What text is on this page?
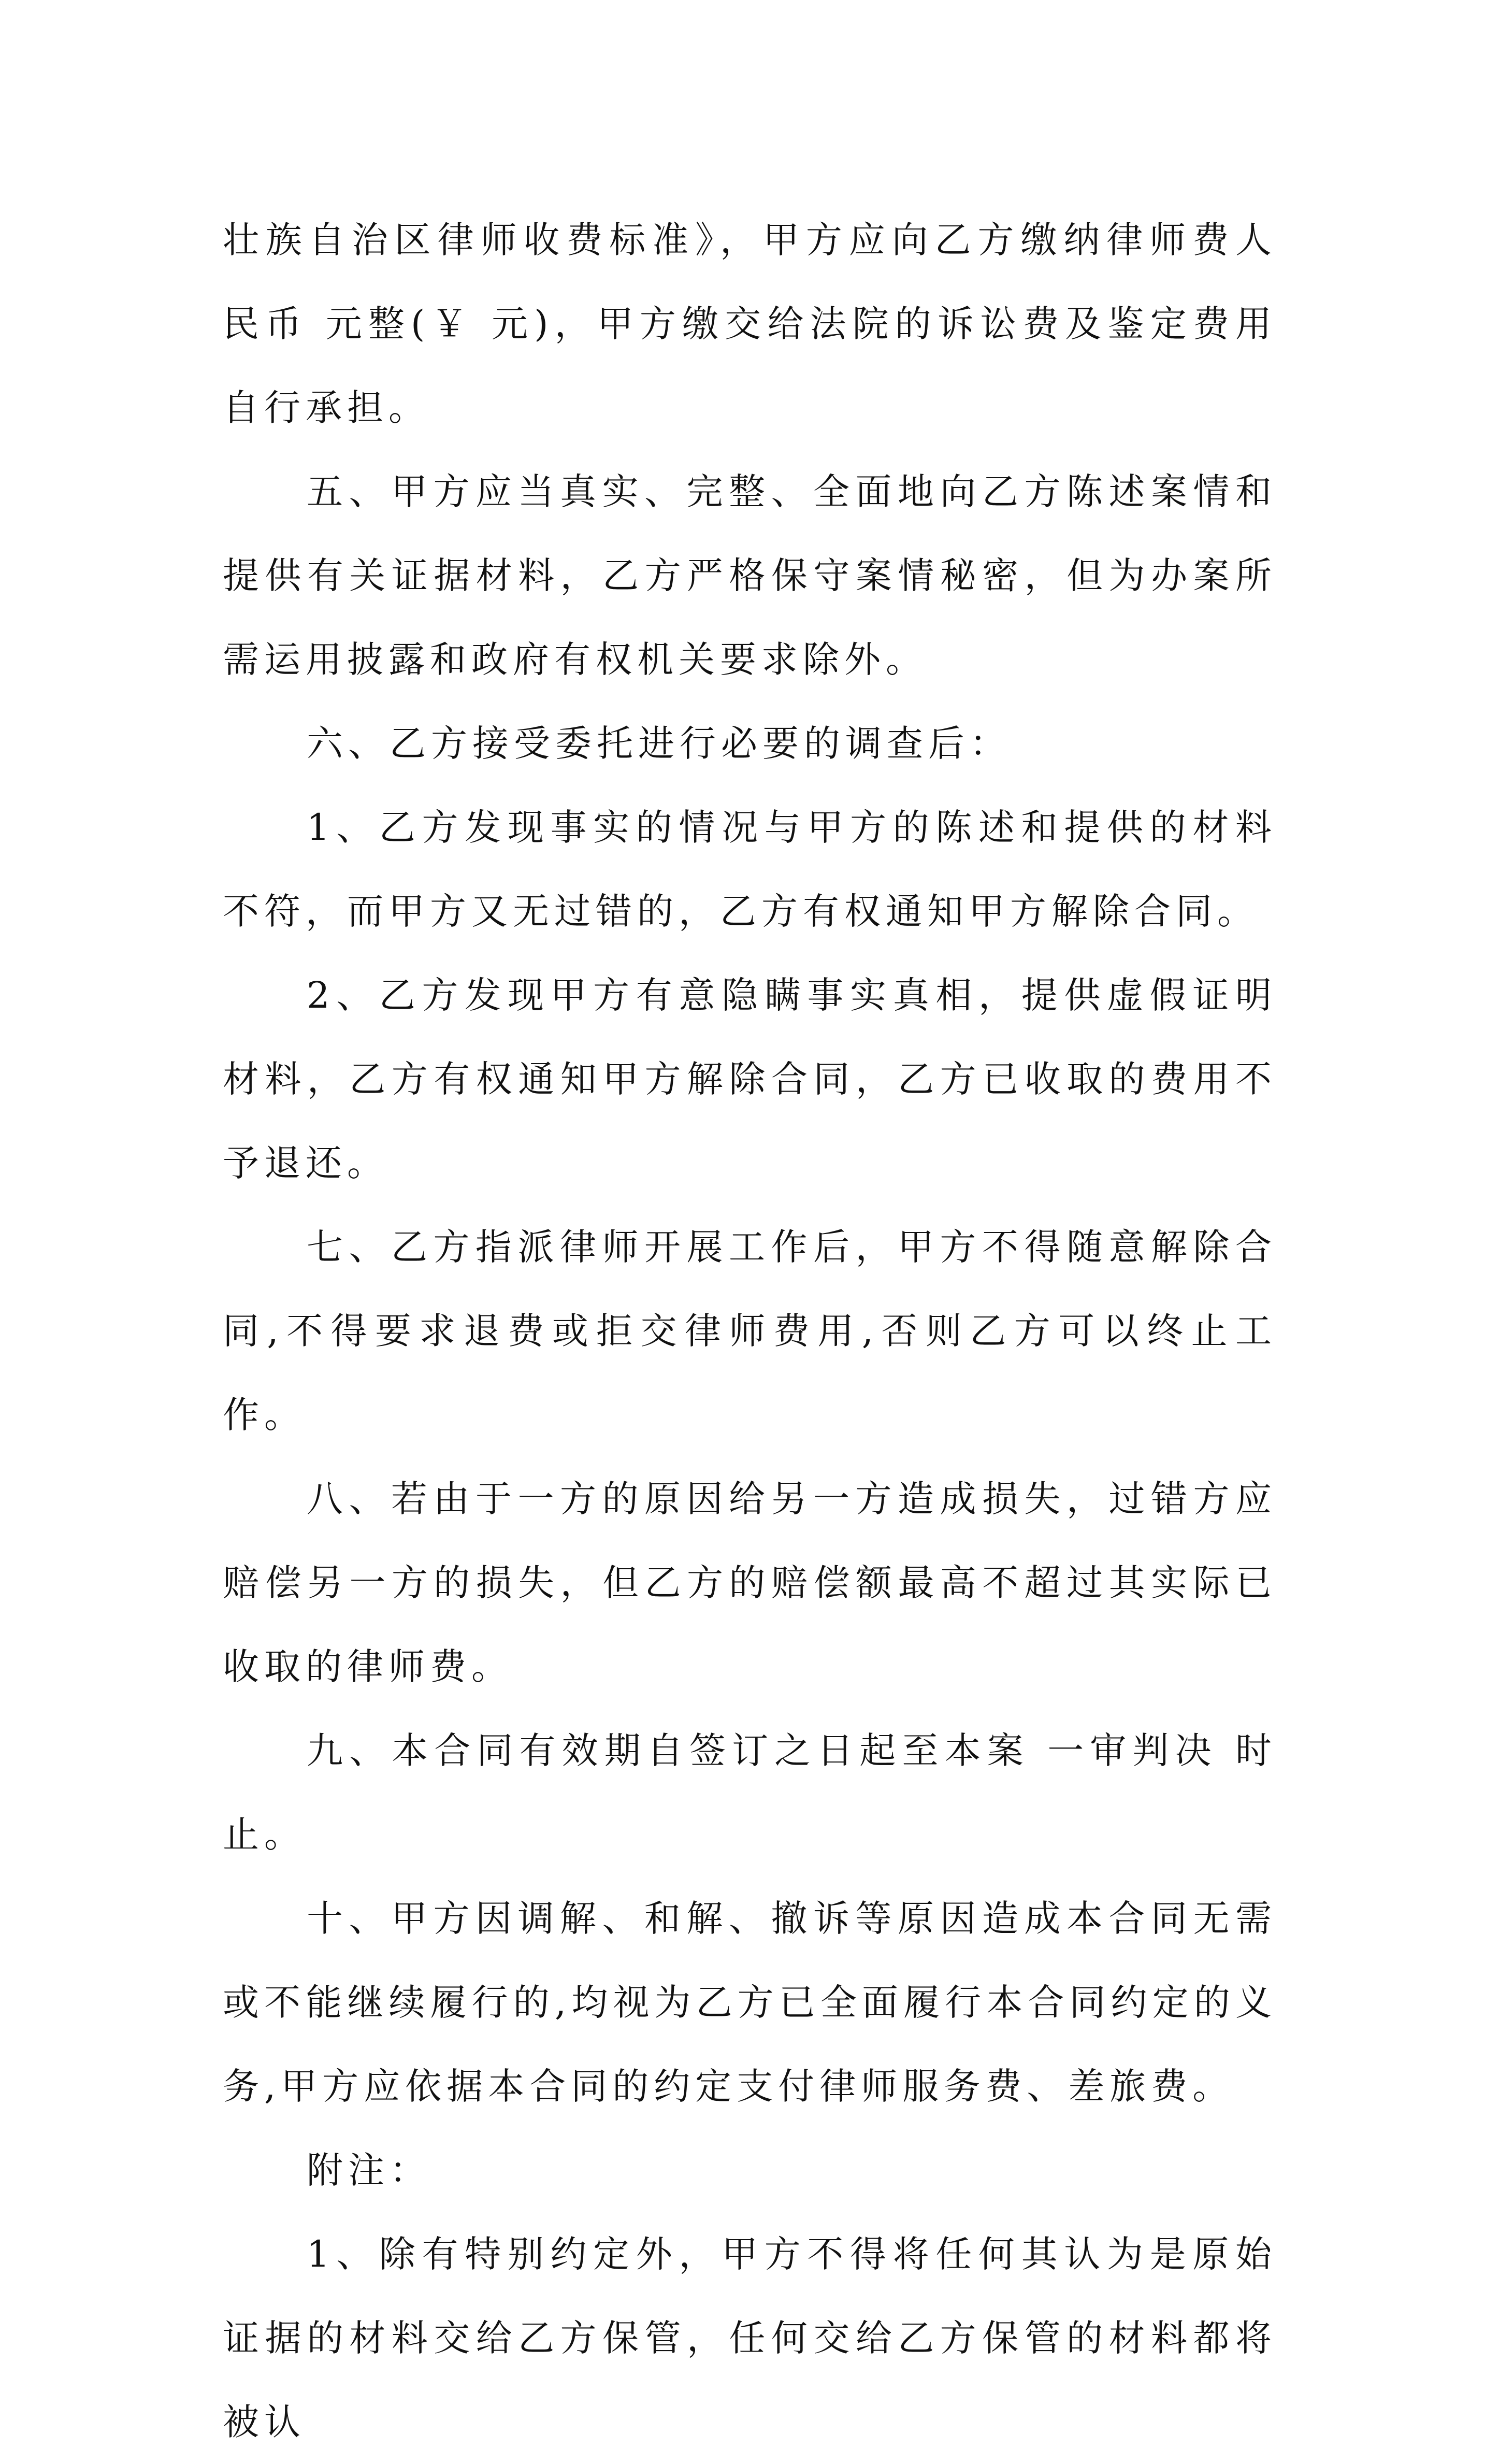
壮族自治区律师收费标准》，甲方应向乙方缴纳律师费人民币 元整(￥ 元)，甲方缴交给法院的诉讼费及鉴定费用自行承担。

五、甲方应当真实、完整、全面地向乙方陈述案情和提供有关证据材料，乙方严格保守案情秘密，但为办案所需运用披露和政府有权机关要求除外。

六、乙方接受委托进行必要的调查后：

1、乙方发现事实的情况与甲方的陈述和提供的材料不符，而甲方又无过错的，乙方有权通知甲方解除合同。

2、乙方发现甲方有意隐瞒事实真相，提供虚假证明材料，乙方有权通知甲方解除合同，乙方已收取的费用不予退还。

七、乙方指派律师开展工作后，甲方不得随意解除合同,不得要求退费或拒交律师费用,否则乙方可以终止工作。

八、若由于一方的原因给另一方造成损失，过错方应赔偿另一方的损失，但乙方的赔偿额最高不超过其实际已收取的律师费。

九、本合同有效期自签订之日起至本案 一审判决 时止。

十、甲方因调解、和解、撤诉等原因造成本合同无需或不能继续履行的,均视为乙方已全面履行本合同约定的义务,甲方应依据本合同的约定支付律师服务费、差旅费。

附注：

1、除有特别约定外，甲方不得将任何其认为是原始证据的材料交给乙方保管，任何交给乙方保管的材料都将被认
